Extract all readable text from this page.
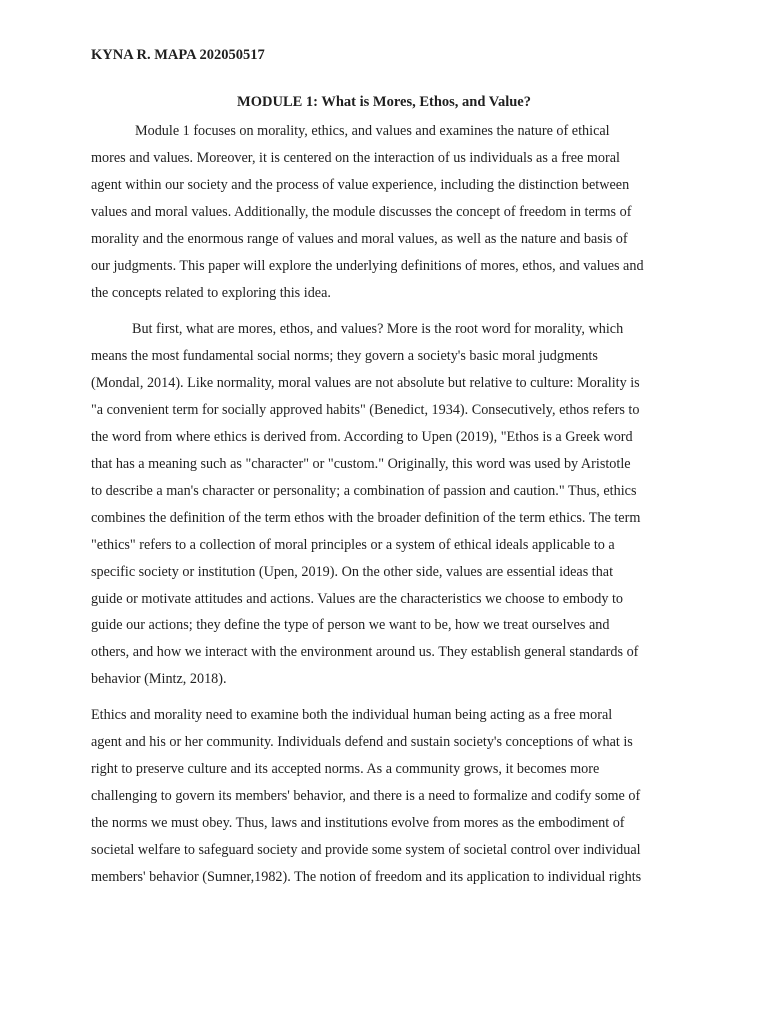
KYNA R. MAPA 202050517
MODULE 1: What is Mores, Ethos, and Value?
Module 1 focuses on morality, ethics, and values and examines the nature of ethical
mores and values. Moreover, it is centered on the interaction of us individuals as a free moral
agent within our society and the process of value experience, including the distinction between
values and moral values. Additionally, the module discusses the concept of freedom in terms of
morality and the enormous range of values and moral values, as well as the nature and basis of
our judgments. This paper will explore the underlying definitions of mores, ethos, and values and
the concepts related to exploring this idea.
But first, what are mores, ethos, and values? More is the root word for morality, which
means the most fundamental social norms; they govern a society's basic moral judgments
(Mondal, 2014). Like normality, moral values are not absolute but relative to culture: Morality is
"a convenient term for socially approved habits" (Benedict, 1934). Consecutively, ethos refers to
the word from where ethics is derived from. According to Upen (2019), "Ethos is a Greek word
that has a meaning such as "character" or "custom." Originally, this word was used by Aristotle
to describe a man's character or personality; a combination of passion and caution." Thus, ethics
combines the definition of the term ethos with the broader definition of the term ethics. The term
"ethics" refers to a collection of moral principles or a system of ethical ideals applicable to a
specific society or institution (Upen, 2019). On the other side, values are essential ideas that
guide or motivate attitudes and actions. Values are the characteristics we choose to embody to
guide our actions; they define the type of person we want to be, how we treat ourselves and
others, and how we interact with the environment around us. They establish general standards of
behavior (Mintz, 2018).
Ethics and morality need to examine both the individual human being acting as a free moral
agent and his or her community. Individuals defend and sustain society's conceptions of what is
right to preserve culture and its accepted norms. As a community grows, it becomes more
challenging to govern its members' behavior, and there is a need to formalize and codify some of
the norms we must obey. Thus, laws and institutions evolve from mores as the embodiment of
societal welfare to safeguard society and provide some system of societal control over individual
members' behavior (Sumner,1982). The notion of freedom and its application to individual rights
